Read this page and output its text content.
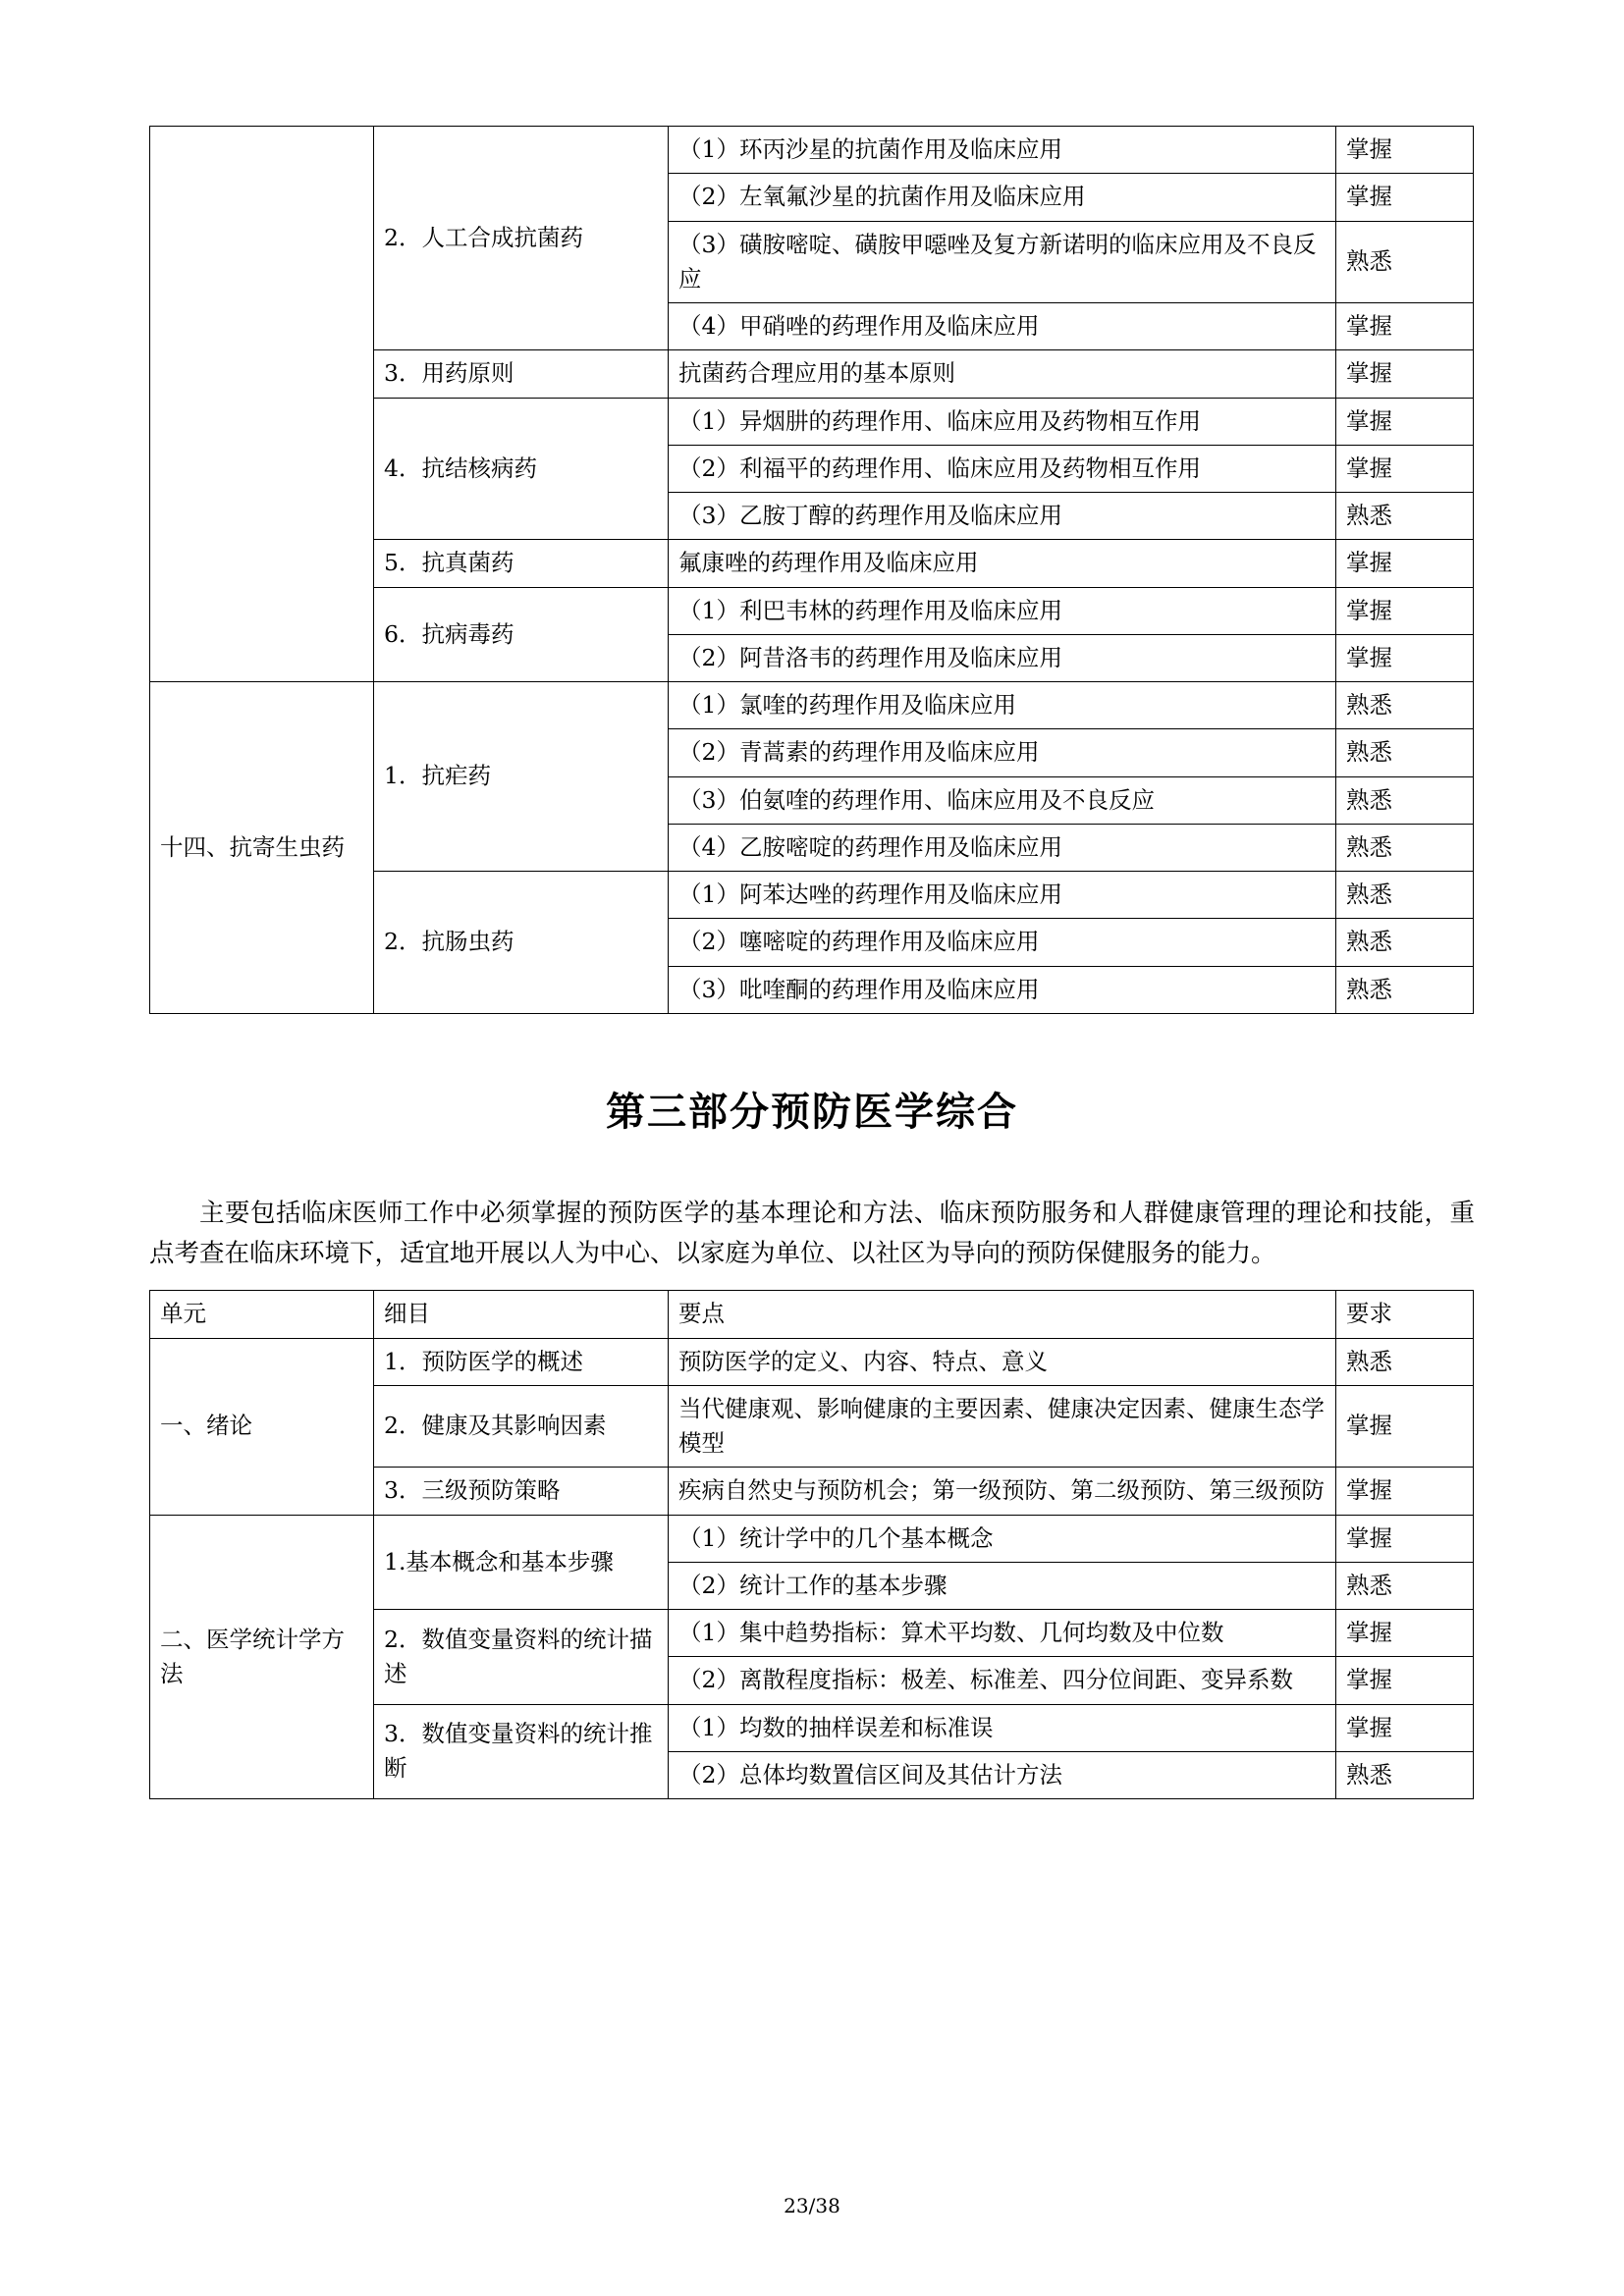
	2．人工合成抗菌药	（1）环丙沙星的抗菌作用及临床应用	掌握
		（2）左氧氟沙星的抗菌作用及临床应用	掌握
		（3）磺胺嘧啶、磺胺甲噁唑及复方新诺明的临床应用及不良反应	熟悉
		（4）甲硝唑的药理作用及临床应用	掌握
	3．用药原则	抗菌药合理应用的基本原则	掌握
	4．抗结核病药	（1）异烟肼的药理作用、临床应用及药物相互作用	掌握
		（2）利福平的药理作用、临床应用及药物相互作用	掌握
		（3）乙胺丁醇的药理作用及临床应用	熟悉
	5．抗真菌药	氟康唑的药理作用及临床应用	掌握
	6．抗病毒药	（1）利巴韦林的药理作用及临床应用	掌握
		（2）阿昔洛韦的药理作用及临床应用	掌握
十四、抗寄生虫药	1．抗疟药	（1）氯喹的药理作用及临床应用	熟悉
		（2）青蒿素的药理作用及临床应用	熟悉
		（3）伯氨喹的药理作用、临床应用及不良反应	熟悉
		（4）乙胺嘧啶的药理作用及临床应用	熟悉
	2．抗肠虫药	（1）阿苯达唑的药理作用及临床应用	熟悉
		（2）噻嘧啶的药理作用及临床应用	熟悉
		（3）吡喹酮的药理作用及临床应用	熟悉
第三部分预防医学综合

主要包括临床医师工作中必须掌握的预防医学的基本理论和方法、临床预防服务和人群健康管理的理论和技能，重点考查在临床环境下，适宜地开展以人为中心、以家庭为单位、以社区为导向的预防保健服务的能力。

单元	细目	要点	要求
一、绪论	1．预防医学的概述	预防医学的定义、内容、特点、意义	熟悉
	2．健康及其影响因素	当代健康观、影响健康的主要因素、健康决定因素、健康生态学模型	掌握
	3．三级预防策略	疾病自然史与预防机会；第一级预防、第二级预防、第三级预防	掌握
二、医学统计学方法	1.基本概念和基本步骤	（1）统计学中的几个基本概念	掌握
		（2）统计工作的基本步骤	熟悉
	2．数值变量资料的统计描述	（1）集中趋势指标：算术平均数、几何均数及中位数	掌握
		（2）离散程度指标：极差、标准差、四分位间距、变异系数	掌握
	3．数值变量资料的统计推断	（1）均数的抽样误差和标准误	掌握
		（2）总体均数置信区间及其估计方法	熟悉
23/38
